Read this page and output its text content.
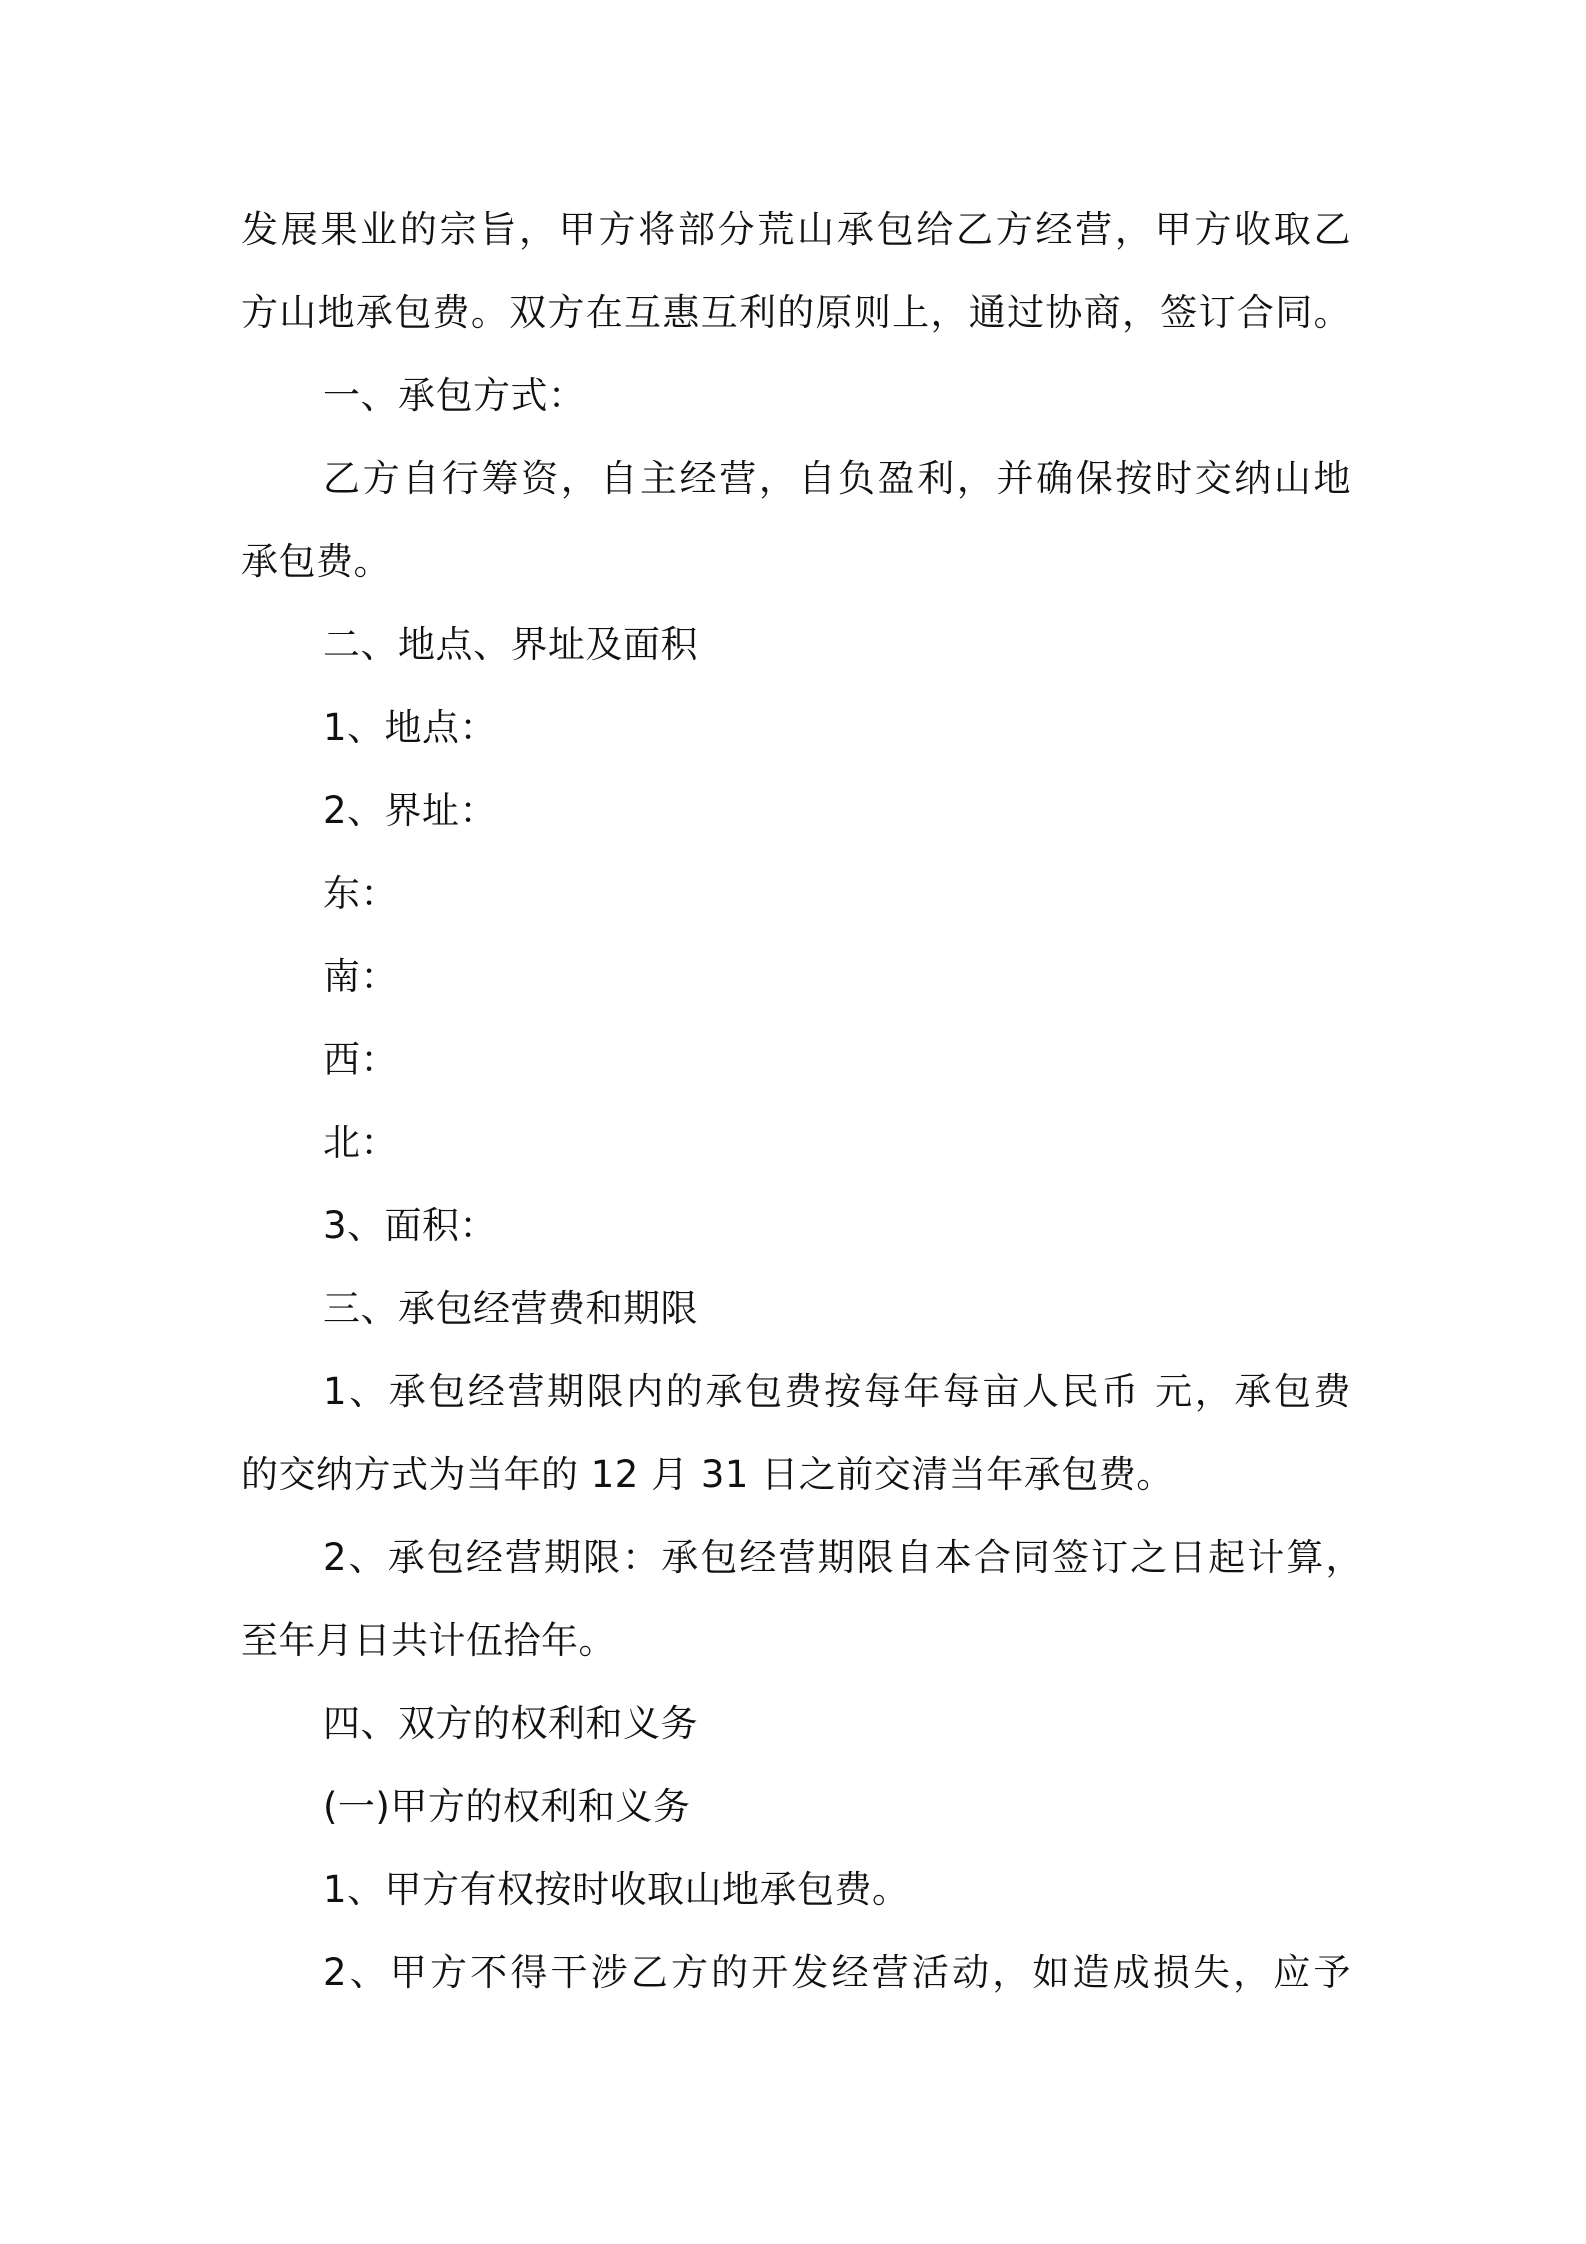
发展果业的宗旨，甲方将部分荒山承包给乙方经营，甲方收取乙
方山地承包费。双方在互惠互利的原则上，通过协商，签订合同。
一、承包方式：
乙方自行筹资，自主经营，自负盈利，并确保按时交纳山地
承包费。
二、地点、界址及面积
1、地点：
2、界址：
东：
南：
西：
北：
3、面积：
三、承包经营费和期限
1、承包经营期限内的承包费按每年每亩人民币 元，承包费
的交纳方式为当年的 12 月 31 日之前交清当年承包费。
2、承包经营期限：承包经营期限自本合同签订之日起计算，
至年月日共计伍拾年。
四、双方的权利和义务
(一)甲方的权利和义务
1、甲方有权按时收取山地承包费。
2、甲方不得干涉乙方的开发经营活动，如造成损失，应予
